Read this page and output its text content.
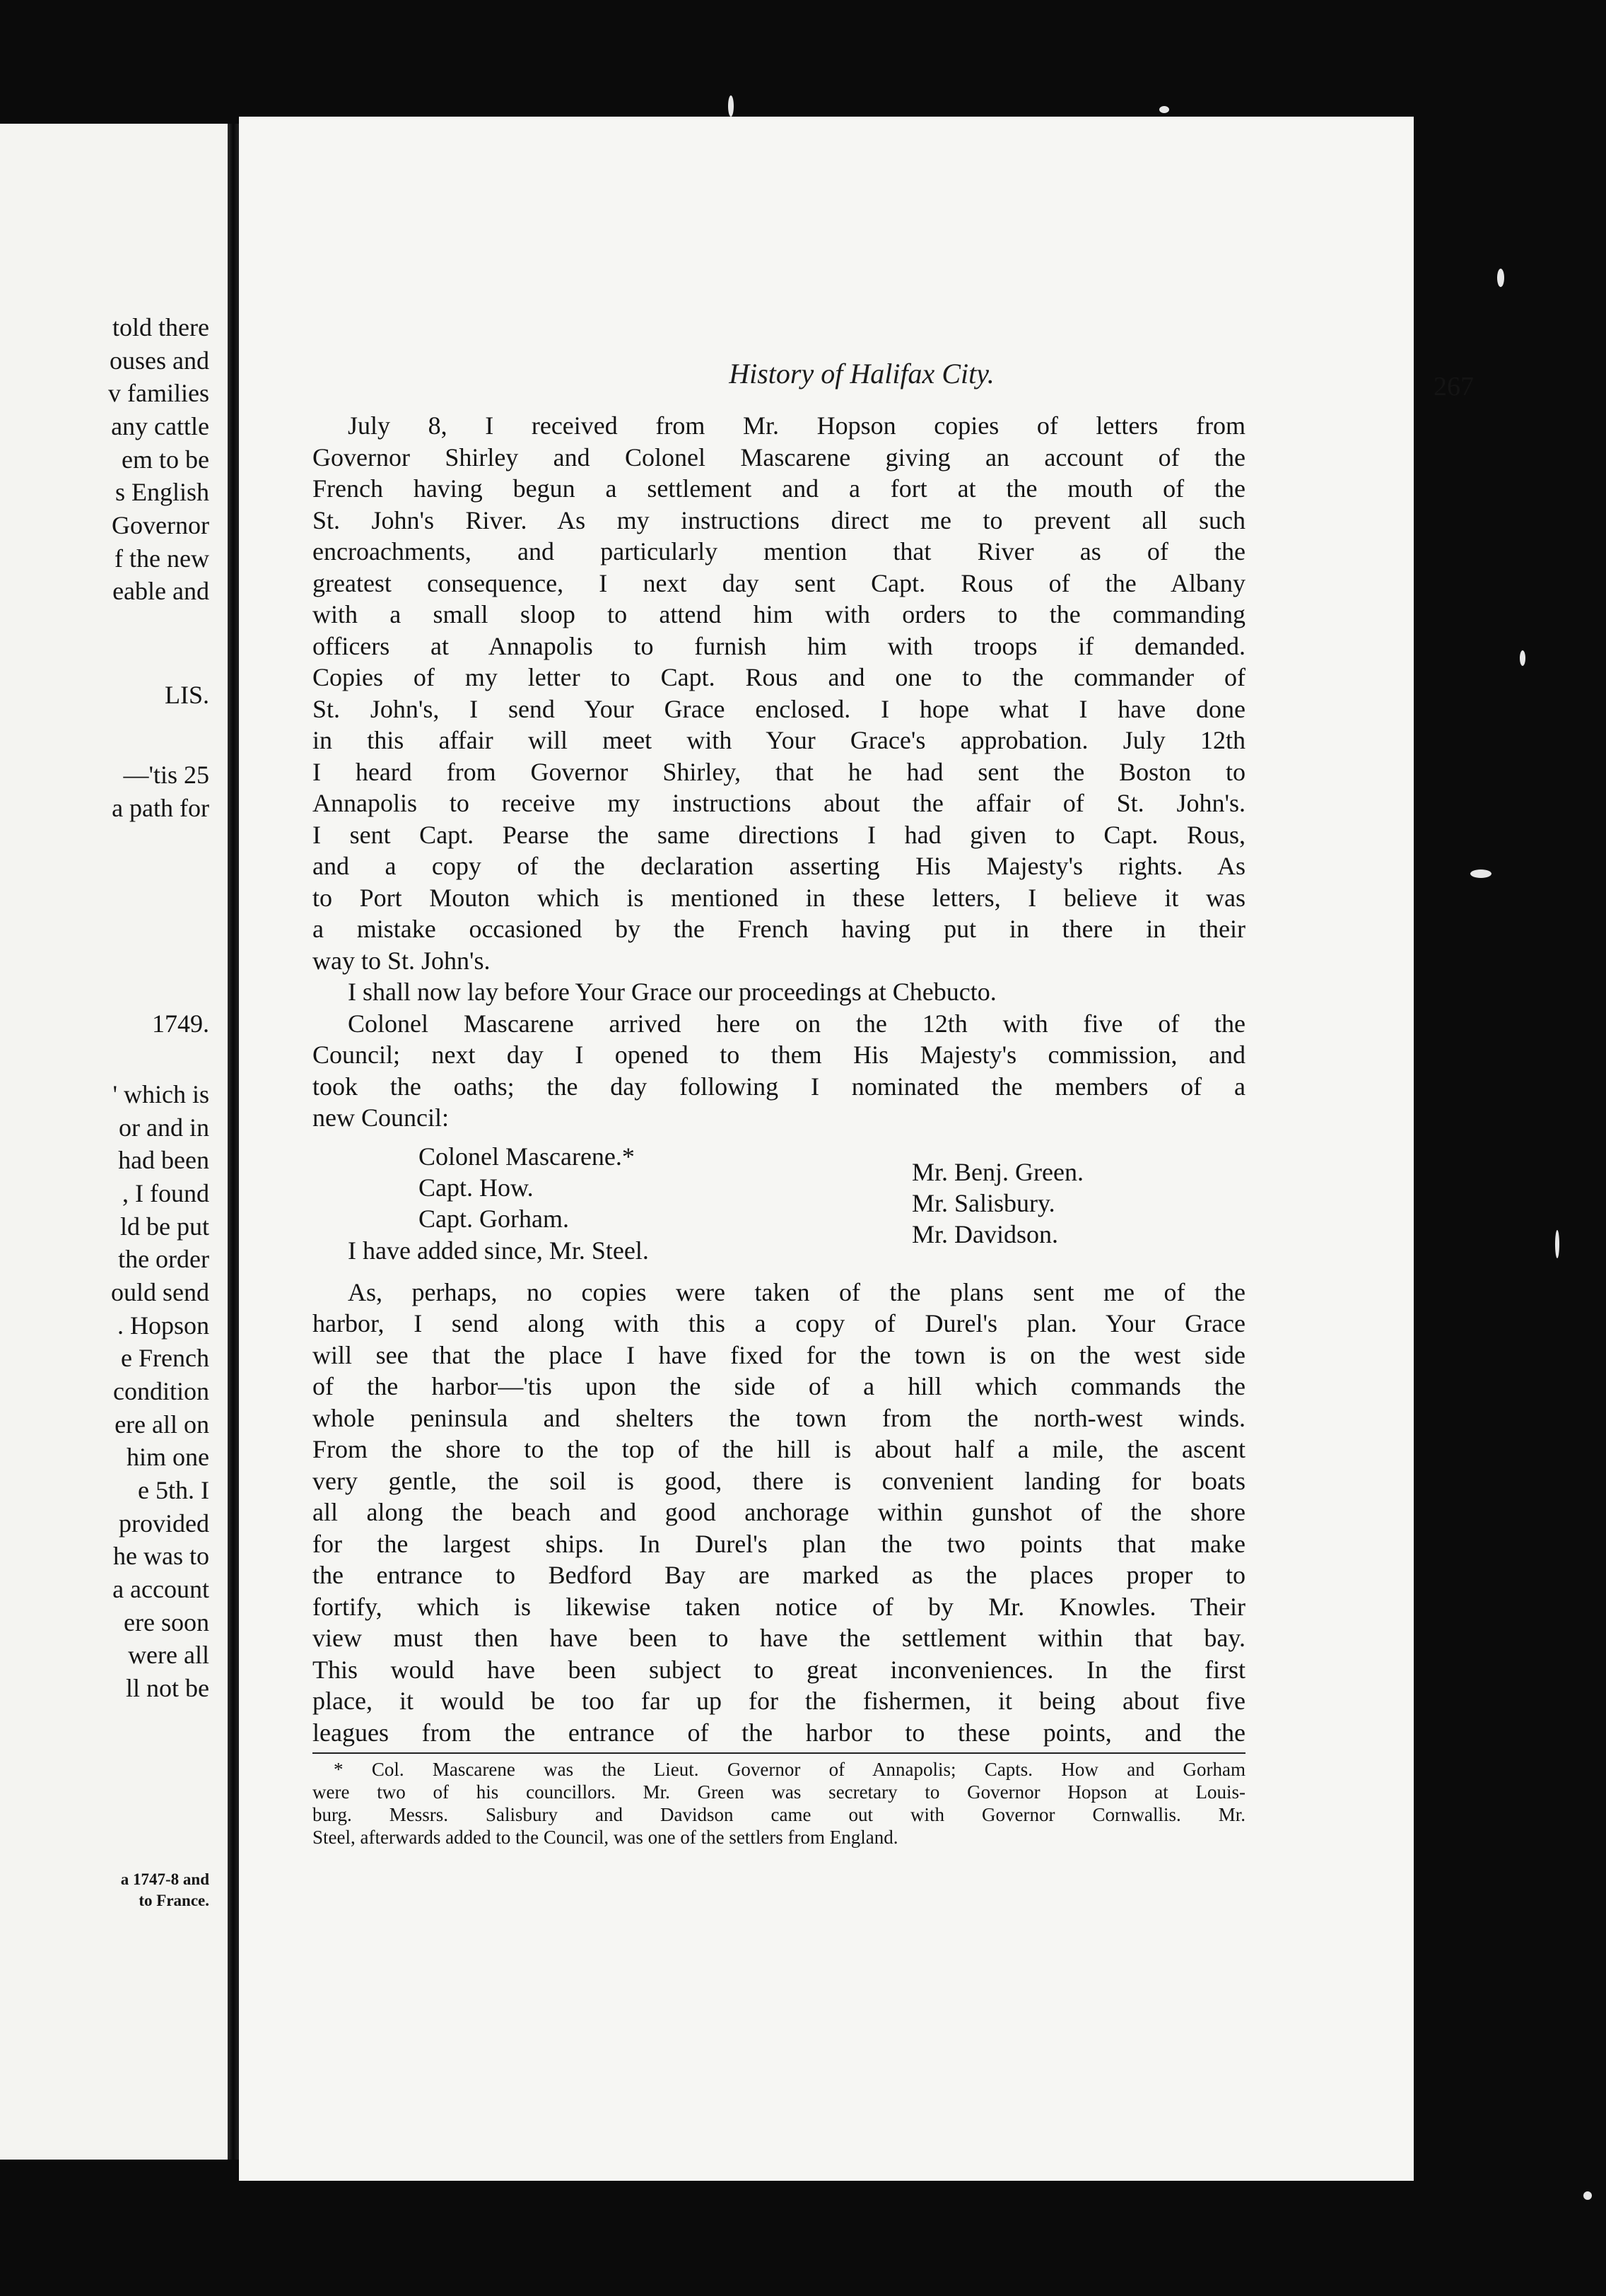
told there
ouses and
v families
any cattle
em to be
s English
Governor
f the new
eable and
LIS.
—'tis 25
a path for
1749.
' which is
or and in
had been
, I found
ld be put
the order
ould send
. Hopson
e French
condition
ere all on
him one
e 5th. I
provided
he was to
a account
ere soon
were all
ll not be
a 1747-8 and
to France.
History of Halifax City.	267
July 8, I received from Mr. Hopson copies of letters from
Governor Shirley and Colonel Mascarene giving an account of the
French having begun a settlement and a fort at the mouth of the
St. John's River. As my instructions direct me to prevent all such
encroachments, and particularly mention that River as of the
greatest consequence, I next day sent Capt. Rous of the Albany
with a small sloop to attend him with orders to the commanding
officers at Annapolis to furnish him with troops if demanded.
Copies of my letter to Capt. Rous and one to the commander of
St. John's, I send Your Grace enclosed. I hope what I have done
in this affair will meet with Your Grace's approbation. July 12th
I heard from Governor Shirley, that he had sent the Boston to
Annapolis to receive my instructions about the affair of St. John's.
I sent Capt. Pearse the same directions I had given to Capt. Rous,
and a copy of the declaration asserting His Majesty's rights. As
to Port Mouton which is mentioned in these letters, I believe it was
a mistake occasioned by the French having put in there in their
way to St. John's.
I shall now lay before Your Grace our proceedings at Chebucto.
Colonel Mascarene arrived here on the 12th with five of the
Council; next day I opened to them His Majesty's commission, and
took the oaths; the day following I nominated the members of a
new Council:
I have added since, Mr. Steel.
As, perhaps, no copies were taken of the plans sent me of the
harbor, I send along with this a copy of Durel's plan. Your Grace
will see that the place I have fixed for the town is on the west side
of the harbor—'tis upon the side of a hill which commands the
whole peninsula and shelters the town from the north-west winds.
From the shore to the top of the hill is about half a mile, the ascent
very gentle, the soil is good, there is convenient landing for boats
all along the beach and good anchorage within gunshot of the shore
for the largest ships. In Durel's plan the two points that make
the entrance to Bedford Bay are marked as the places proper to
fortify, which is likewise taken notice of by Mr. Knowles. Their
view must then have been to have the settlement within that bay.
This would have been subject to great inconveniences. In the first
place, it would be too far up for the fishermen, it being about five
leagues from the entrance of the harbor to these points, and the
Colonel Mascarene.*
Capt. How.
Capt. Gorham.
Mr. Benj. Green.
Mr. Salisbury.
Mr. Davidson.
* Col. Mascarene was the Lieut. Governor of Annapolis; Capts. How and Gorham
were two of his councillors. Mr. Green was secretary to Governor Hopson at Louis-
burg. Messrs. Salisbury and Davidson came out with Governor Cornwallis. Mr.
Steel, afterwards added to the Council, was one of the settlers from England.
